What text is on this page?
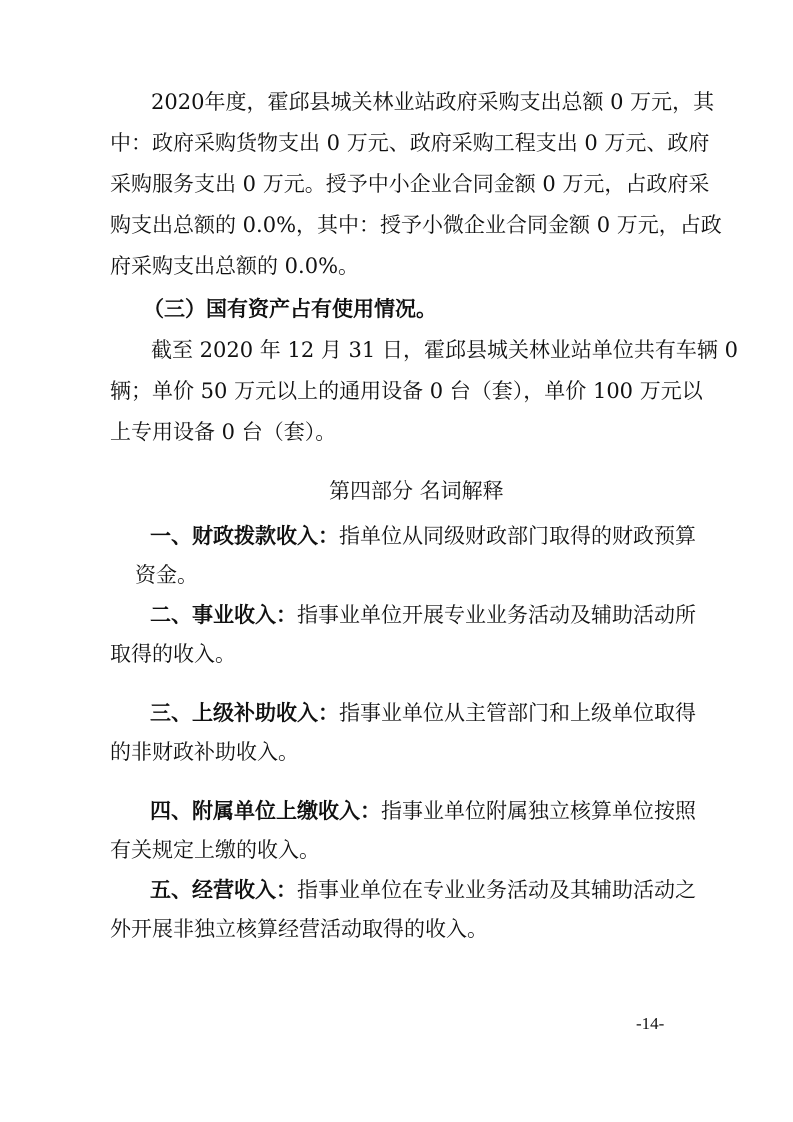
2020年度，霍邱县城关林业站政府采购支出总额 0 万元，其
中：政府采购货物支出 0 万元、政府采购工程支出 0 万元、政府
采购服务支出 0 万元。授予中小企业合同金额 0 万元，占政府采
购支出总额的 0.0%，其中：授予小微企业合同金额 0 万元，占政
府采购支出总额的 0.0%。
（三）国有资产占有使用情况。
截至 2020 年 12 月 31 日，霍邱县城关林业站单位共有车辆 0
辆；单价 50 万元以上的通用设备 0 台（套），单价 100 万元以
上专用设备 0 台（套）。
第四部分 名词解释
一、财政拨款收入：指单位从同级财政部门取得的财政预算
资金。
二、事业收入：指事业单位开展专业业务活动及辅助活动所
取得的收入。
三、上级补助收入：指事业单位从主管部门和上级单位取得
的非财政补助收入。
四、附属单位上缴收入：指事业单位附属独立核算单位按照
有关规定上缴的收入。
五、经营收入：指事业单位在专业业务活动及其辅助活动之
外开展非独立核算经营活动取得的收入。
-14-
